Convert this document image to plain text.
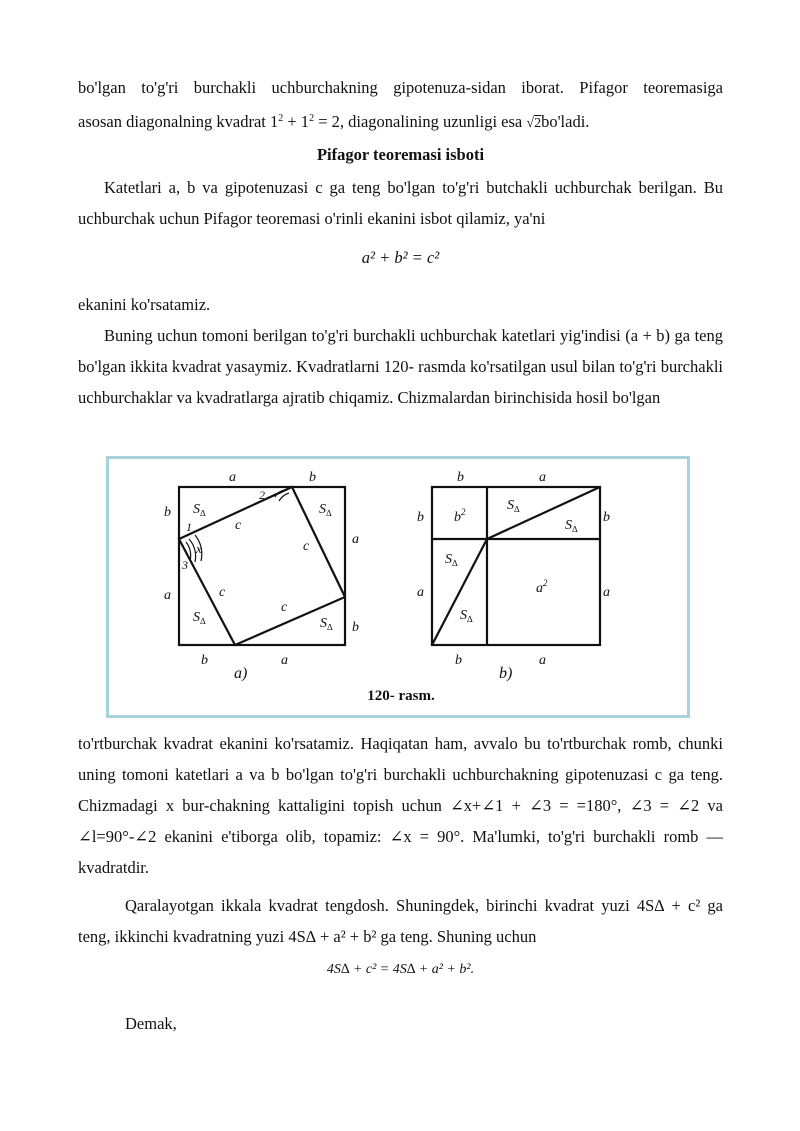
bo'lgan to'g'ri burchakli uchburchakning gipotenuza-sidan iborat. Pifagor teoremasiga
asosan diagonalning kvadrat $1^2 + 1^2 = 2$, diagonalining uzunligi esa √2bo'ladi.
Pifagor teoremasi isboti
Katetlari a, b va gipotenuzasi c ga teng bo'lgan to'g'ri butchakli uchburchak berilgan. Bu uchburchak uchun Pifagor teoremasi o'rinli ekanini isbot qilamiz, ya'ni
a² + b² = c²
ekanini ko'rsatamiz.
Buning uchun tomoni berilgan to'g'ri burchakli uchburchak katetlari yig'indisi (a + b) ga teng bo'lgan ikkita kvadrat yasaymiz. Kvadratlarni 120- rasmda ko'rsatilgan usul bilan to'g'ri burchakli uchburchaklar va kvadratlarga ajratib chiqamiz. Chizmalardan birinchisida hosil bo'lgan
a	b
b
a
a
b
b	a
c
c
c
c
$S_\Delta$	$S_\Delta$
$S_\Delta$	$S_\Delta$
1
2
3
x
b	a
b	b
a	a
b	a
$b^2$
$a^2$
$S_\Delta$
$S_\Delta$
$S_\Delta$
$S_\Delta$
a)	b)
120- rasm.
to'rtburchak kvadrat ekanini ko'rsatamiz. Haqiqatan ham, avvalo bu to'rtburchak romb, chunki uning tomoni katetlari a va b bo'lgan to'g'ri burchakli uchburchakning gipotenuzasi c ga teng. Chizmadagi x bur-chakning kattaligini topish uchun ∠x+∠1 + ∠3 = =180°, ∠3 = ∠2 va ∠l=90°-∠2 ekanini e'tiborga olib, topamiz: ∠x = 90°. Ma'lumki, to'g'ri burchakli romb — kvadratdir.
Qaralayotgan ikkala kvadrat tengdosh. Shuningdek, birinchi kvadrat yuzi 4S∆ + c² ga teng, ikkinchi kvadratning yuzi 4S∆ + a² + b² ga teng. Shuning uchun
4S∆ + c² = 4S∆ + a² + b².
Demak,
